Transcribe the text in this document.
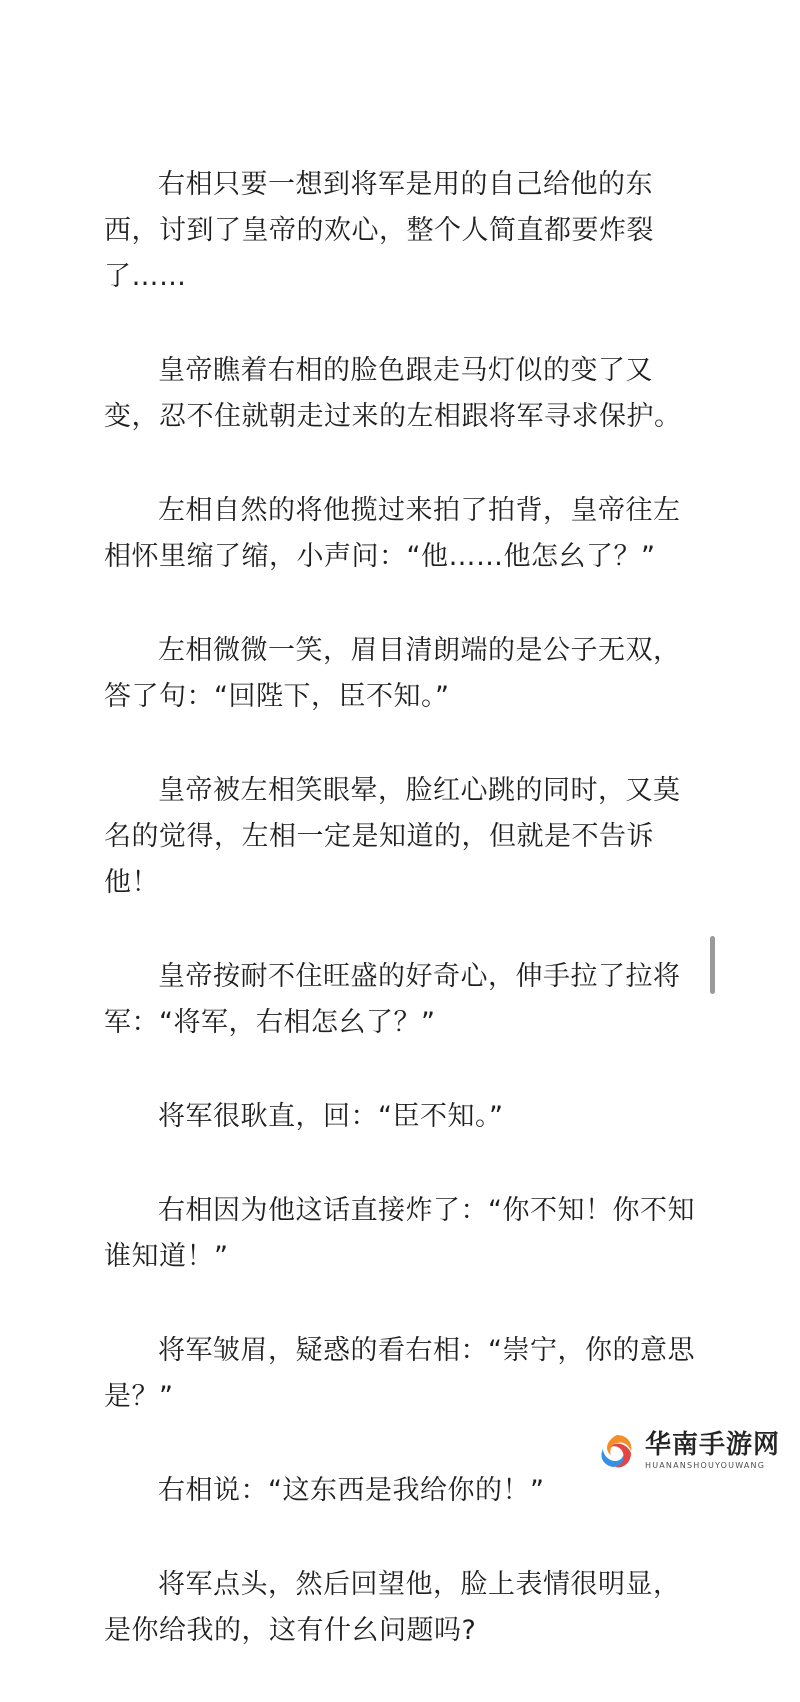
右相只要一想到将军是用的自己给他的东西，讨到了皇帝的欢心，整个人简直都要炸裂了……

皇帝瞧着右相的脸色跟走马灯似的变了又变，忍不住就朝走过来的左相跟将军寻求保护。

左相自然的将他揽过来拍了拍背，皇帝往左相怀里缩了缩，小声问：“他……他怎幺了？”

左相微微一笑，眉目清朗端的是公子无双，答了句：“回陛下，臣不知。”

皇帝被左相笑眼晕，脸红心跳的同时，又莫名的觉得，左相一定是知道的，但就是不告诉他！

皇帝按耐不住旺盛的好奇心，伸手拉了拉将军：“将军，右相怎幺了？”

将军很耿直，回：“臣不知。”

右相因为他这话直接炸了：“你不知！你不知谁知道！”

将军皱眉，疑惑的看右相：“崇宁，你的意思是？”

右相说：“这东西是我给你的！”

将军点头，然后回望他，脸上表情很明显，是你给我的，这有什幺问题吗?

华南手游网
HUANANSHOUYOUWANG
